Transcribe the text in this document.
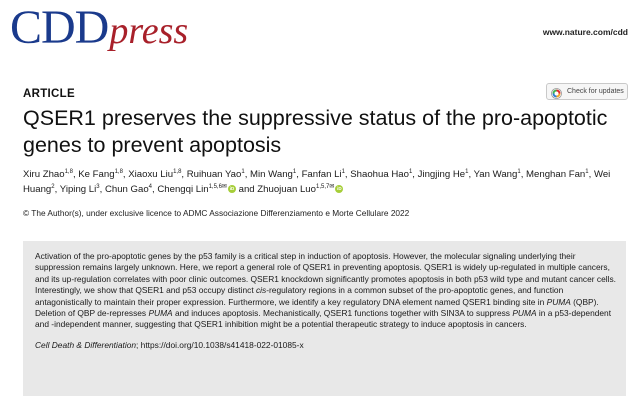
CDDpress	www.nature.com/cdd
ARTICLE	Check for updates
QSER1 preserves the suppressive status of the pro-apoptotic genes to prevent apoptosis
Xiru Zhao$^{1,8}$, Ke Fang$^{1,8}$, Xiaoxu Liu$^{1,8}$, Ruihuan Yao$^1$, Min Wang$^1$, Fanfan Li$^1$, Shaohua Hao$^1$, Jingjing He$^1$, Yan Wang$^1$, Menghan Fan$^1$, Wei Huang$^2$, Yiping Li$^3$, Chun Gao$^4$, Chengqi Lin$^{1,5,6✉}$iD and Zhuojuan Luo$^{1,5,7✉}$iD
© The Author(s), under exclusive licence to ADMC Associazione Differenziamento e Morte Cellulare 2022
Activation of the pro-apoptotic genes by the p53 family is a critical step in induction of apoptosis. However, the molecular signaling underlying their suppression remains largely unknown. Here, we report a general role of QSER1 in preventing apoptosis. QSER1 is widely up-regulated in multiple cancers, and its up-regulation correlates with poor clinic outcomes. QSER1 knockdown significantly promotes apoptosis in both p53 wild type and mutant cancer cells. Interestingly, we show that QSER1 and p53 occupy distinct cis-regulatory regions in a common subset of the pro-apoptotic genes, and function antagonistically to maintain their proper expression. Furthermore, we identify a key regulatory DNA element named QSER1 binding site in PUMA (QBP). Deletion of QBP de-represses PUMA and induces apoptosis. Mechanistically, QSER1 functions together with SIN3A to suppress PUMA in a p53-dependent and -independent manner, suggesting that QSER1 inhibition might be a potential therapeutic strategy to induce apoptosis in cancers.
Cell Death & Differentiation; https://doi.org/10.1038/s41418-022-01085-x
